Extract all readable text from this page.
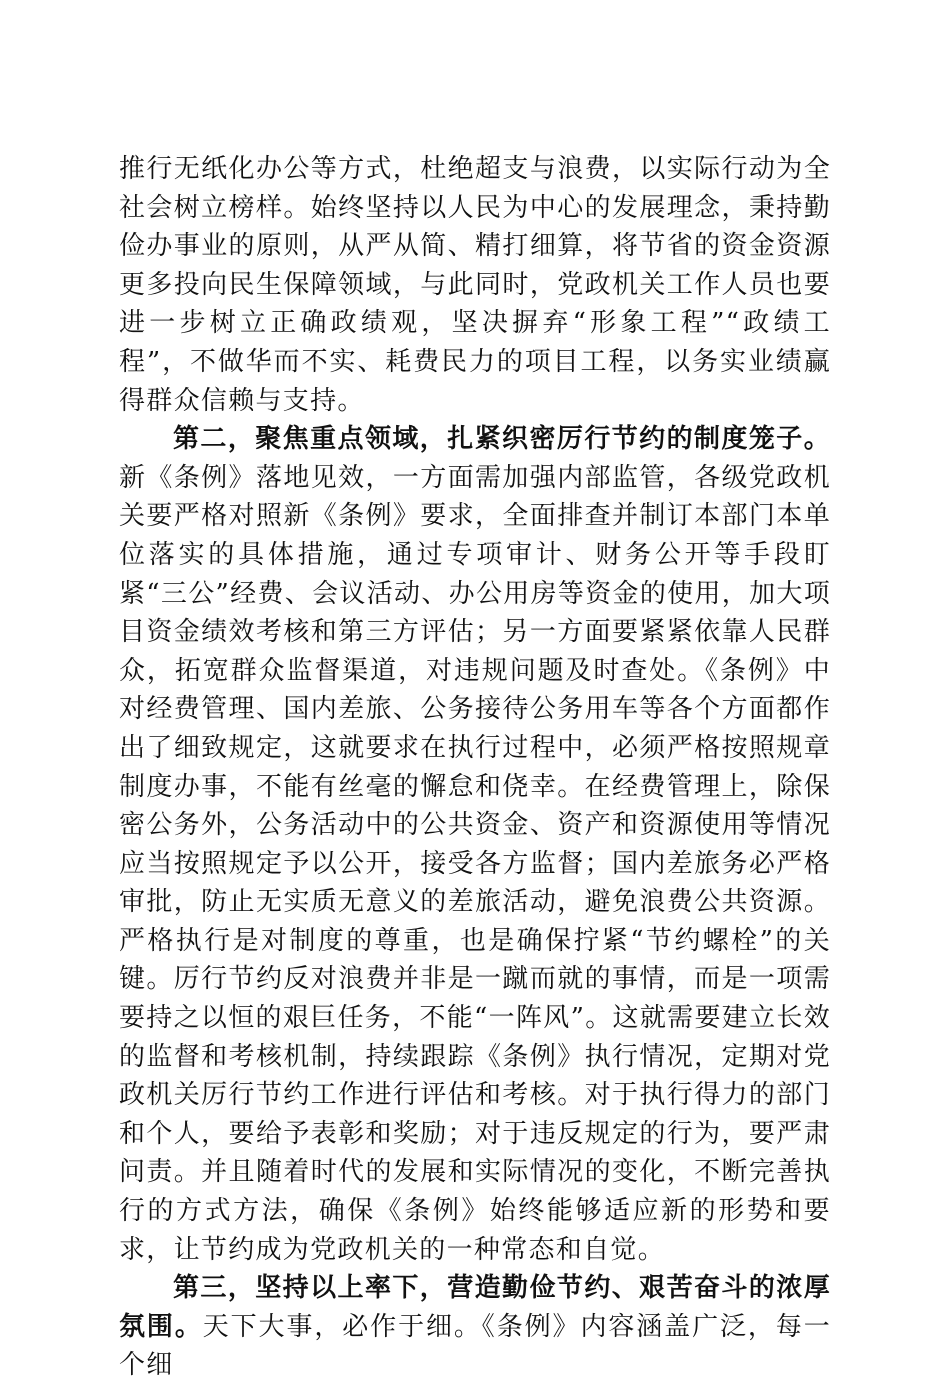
推行无纸化办公等方式，杜绝超支与浪费，以实际行动为全社会树立榜样。始终坚持以人民为中心的发展理念，秉持勤俭办事业的原则，从严从简、精打细算，将节省的资金资源更多投向民生保障领域，与此同时，党政机关工作人员也要进一步树立正确政绩观，坚决摒弃“形象工程”“政绩工程”，不做华而不实、耗费民力的项目工程，以务实业绩赢得群众信赖与支持。

第二，聚焦重点领域，扎紧织密厉行节约的制度笼子。新《条例》落地见效，一方面需加强内部监管，各级党政机关要严格对照新《条例》要求，全面排查并制订本部门本单位落实的具体措施，通过专项审计、财务公开等手段盯紧“三公”经费、会议活动、办公用房等资金的使用，加大项目资金绩效考核和第三方评估；另一方面要紧紧依靠人民群众，拓宽群众监督渠道，对违规问题及时查处。《条例》中对经费管理、国内差旅、公务接待公务用车等各个方面都作出了细致规定，这就要求在执行过程中，必须严格按照规章制度办事，不能有丝毫的懈怠和侥幸。在经费管理上，除保密公务外，公务活动中的公共资金、资产和资源使用等情况应当按照规定予以公开，接受各方监督；国内差旅务必严格审批，防止无实质无意义的差旅活动，避免浪费公共资源。严格执行是对制度的尊重，也是确保拧紧“节约螺栓”的关键。厉行节约反对浪费并非是一蹴而就的事情，而是一项需要持之以恒的艰巨任务，不能“一阵风”。这就需要建立长效的监督和考核机制，持续跟踪《条例》执行情况，定期对党政机关厉行节约工作进行评估和考核。对于执行得力的部门和个人，要给予表彰和奖励；对于违反规定的行为，要严肃问责。并且随着时代的发展和实际情况的变化，不断完善执行的方式方法，确保《条例》始终能够适应新的形势和要求，让节约成为党政机关的一种常态和自觉。

第三，坚持以上率下，营造勤俭节约、艰苦奋斗的浓厚氛围。天下大事，必作于细。《条例》内容涵盖广泛，每一个细
